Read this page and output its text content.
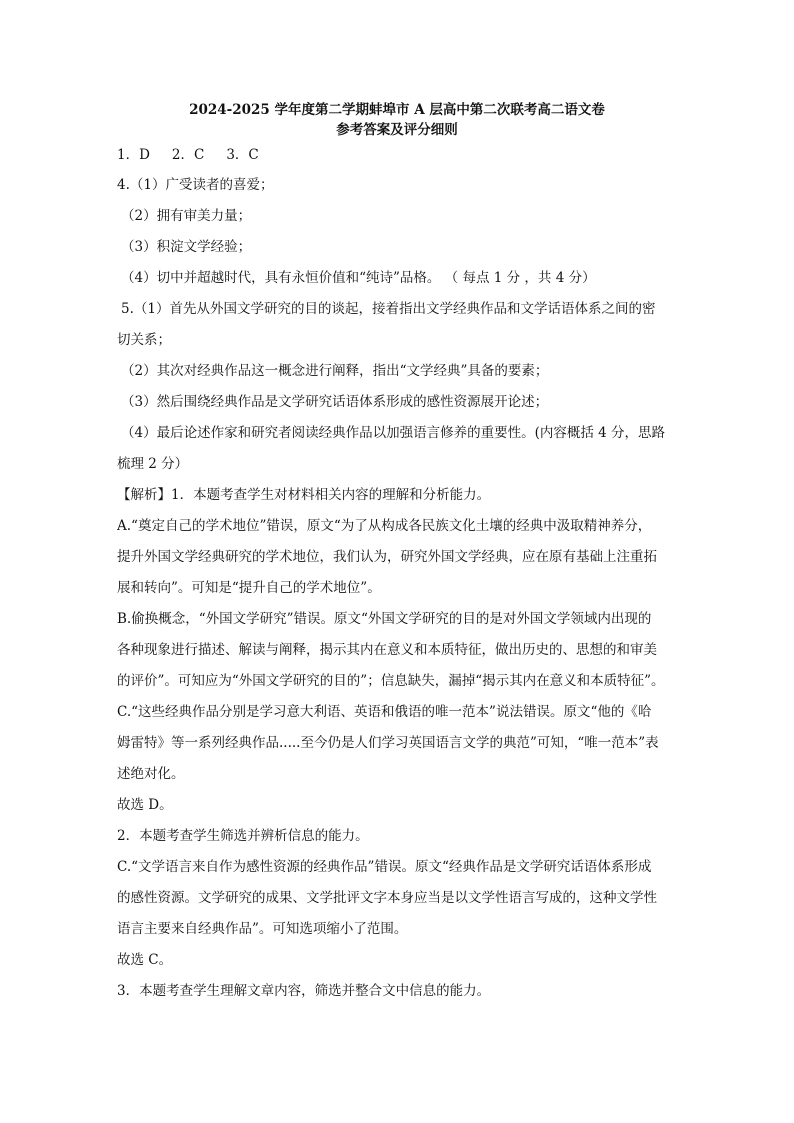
2024-2025 学年度第二学期蚌埠市 A 层高中第二次联考高二语文卷
参考答案及评分细则
1．D 2．C 3．C
4.（1）广受读者的喜爱；
（2）拥有审美力量；
（3）积淀文学经验；
（4）切中并超越时代，具有永恒价值和“纯诗”品格。 （ 每点 1 分 ，共 4 分）
5.（1）首先从外国文学研究的目的谈起，接着指出文学经典作品和文学话语体系之间的密
切关系；
（2）其次对经典作品这一概念进行阐释，指出“文学经典”具备的要素；
（3）然后围绕经典作品是文学研究话语体系形成的感性资源展开论述；
（4）最后论述作家和研究者阅读经典作品以加强语言修养的重要性。(内容概括 4 分，思路
梳理 2 分）
【解析】1．本题考查学生对材料相关内容的理解和分析能力。
A.“奠定自己的学术地位”错误，原文“为了从构成各民族文化土壤的经典中汲取精神养分，
提升外国文学经典研究的学术地位，我们认为，研究外国文学经典，应在原有基础上注重拓
展和转向”。可知是“提升自己的学术地位”。
B.偷换概念，“外国文学研究”错误。原文“外国文学研究的目的是对外国文学领域内出现的
各种现象进行描述、解读与阐释，揭示其内在意义和本质特征，做出历史的、思想的和审美
的评价”。可知应为“外国文学研究的目的”；信息缺失，漏掉“揭示其内在意义和本质特征”。
C.“这些经典作品分别是学习意大利语、英语和俄语的唯一范本”说法错误。原文“他的《哈
姆雷特》等一系列经典作品.....至今仍是人们学习英国语言文学的典范”可知，“唯一范本”表
述绝对化。
故选 D。
2．本题考查学生筛选并辨析信息的能力。
C.“文学语言来自作为感性资源的经典作品”错误。原文“经典作品是文学研究话语体系形成
的感性资源。文学研究的成果、文学批评文字本身应当是以文学性语言写成的，这种文学性
语言主要来自经典作品”。可知选项缩小了范围。
故选 C。
3．本题考查学生理解文章内容，筛选并整合文中信息的能力。
